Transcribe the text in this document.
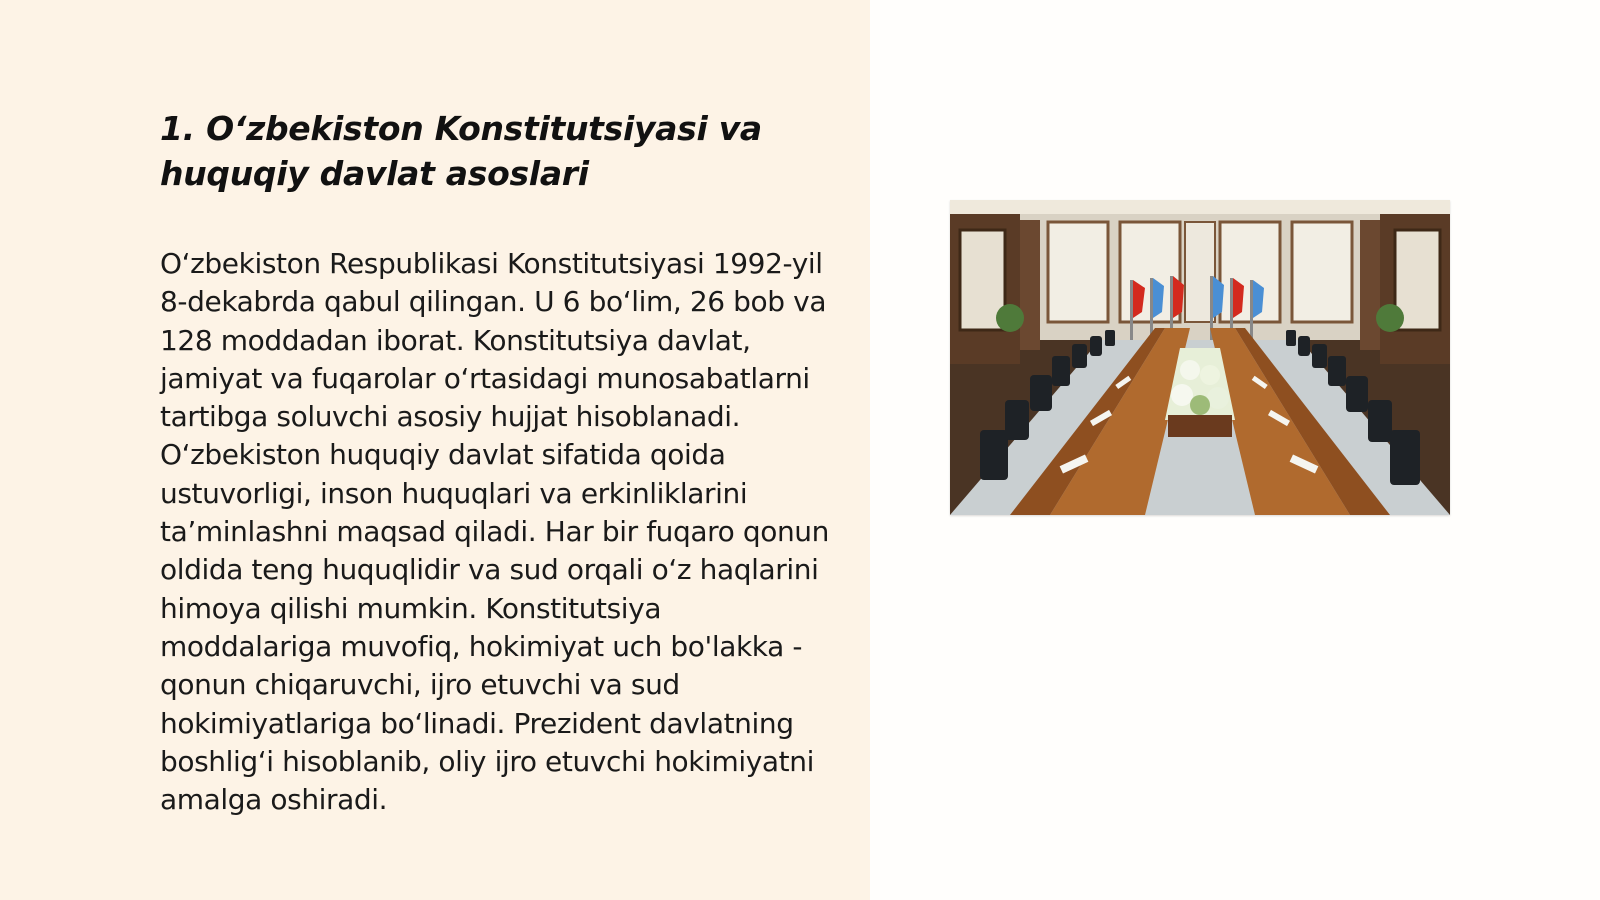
1. O‘zbekiston Konstitutsiyasi va huquqiy davlat asoslari

O‘zbekiston Respublikasi Konstitutsiyasi 1992-yil 8-dekabrda qabul qilingan. U 6 bo‘lim, 26 bob va 128 moddadan iborat. Konstitutsiya davlat, jamiyat va fuqarolar o‘rtasidagi munosabatlarni tartibga soluvchi asosiy hujjat hisoblanadi. O‘zbekiston huquqiy davlat sifatida qoida ustuvorligi, inson huquqlari va erkinliklarini ta’minlashni maqsad qiladi. Har bir fuqaro qonun oldida teng huquqlidir va sud orqali o‘z haqlarini himoya qilishi mumkin. Konstitutsiya moddalariga muvofiq, hokimiyat uch bo'lakka - qonun chiqaruvchi, ijro etuvchi va sud hokimiyatlariga bo‘linadi. Prezident davlatning boshlig‘i hisoblanib, oliy ijro etuvchi hokimiyatni amalga oshiradi.
